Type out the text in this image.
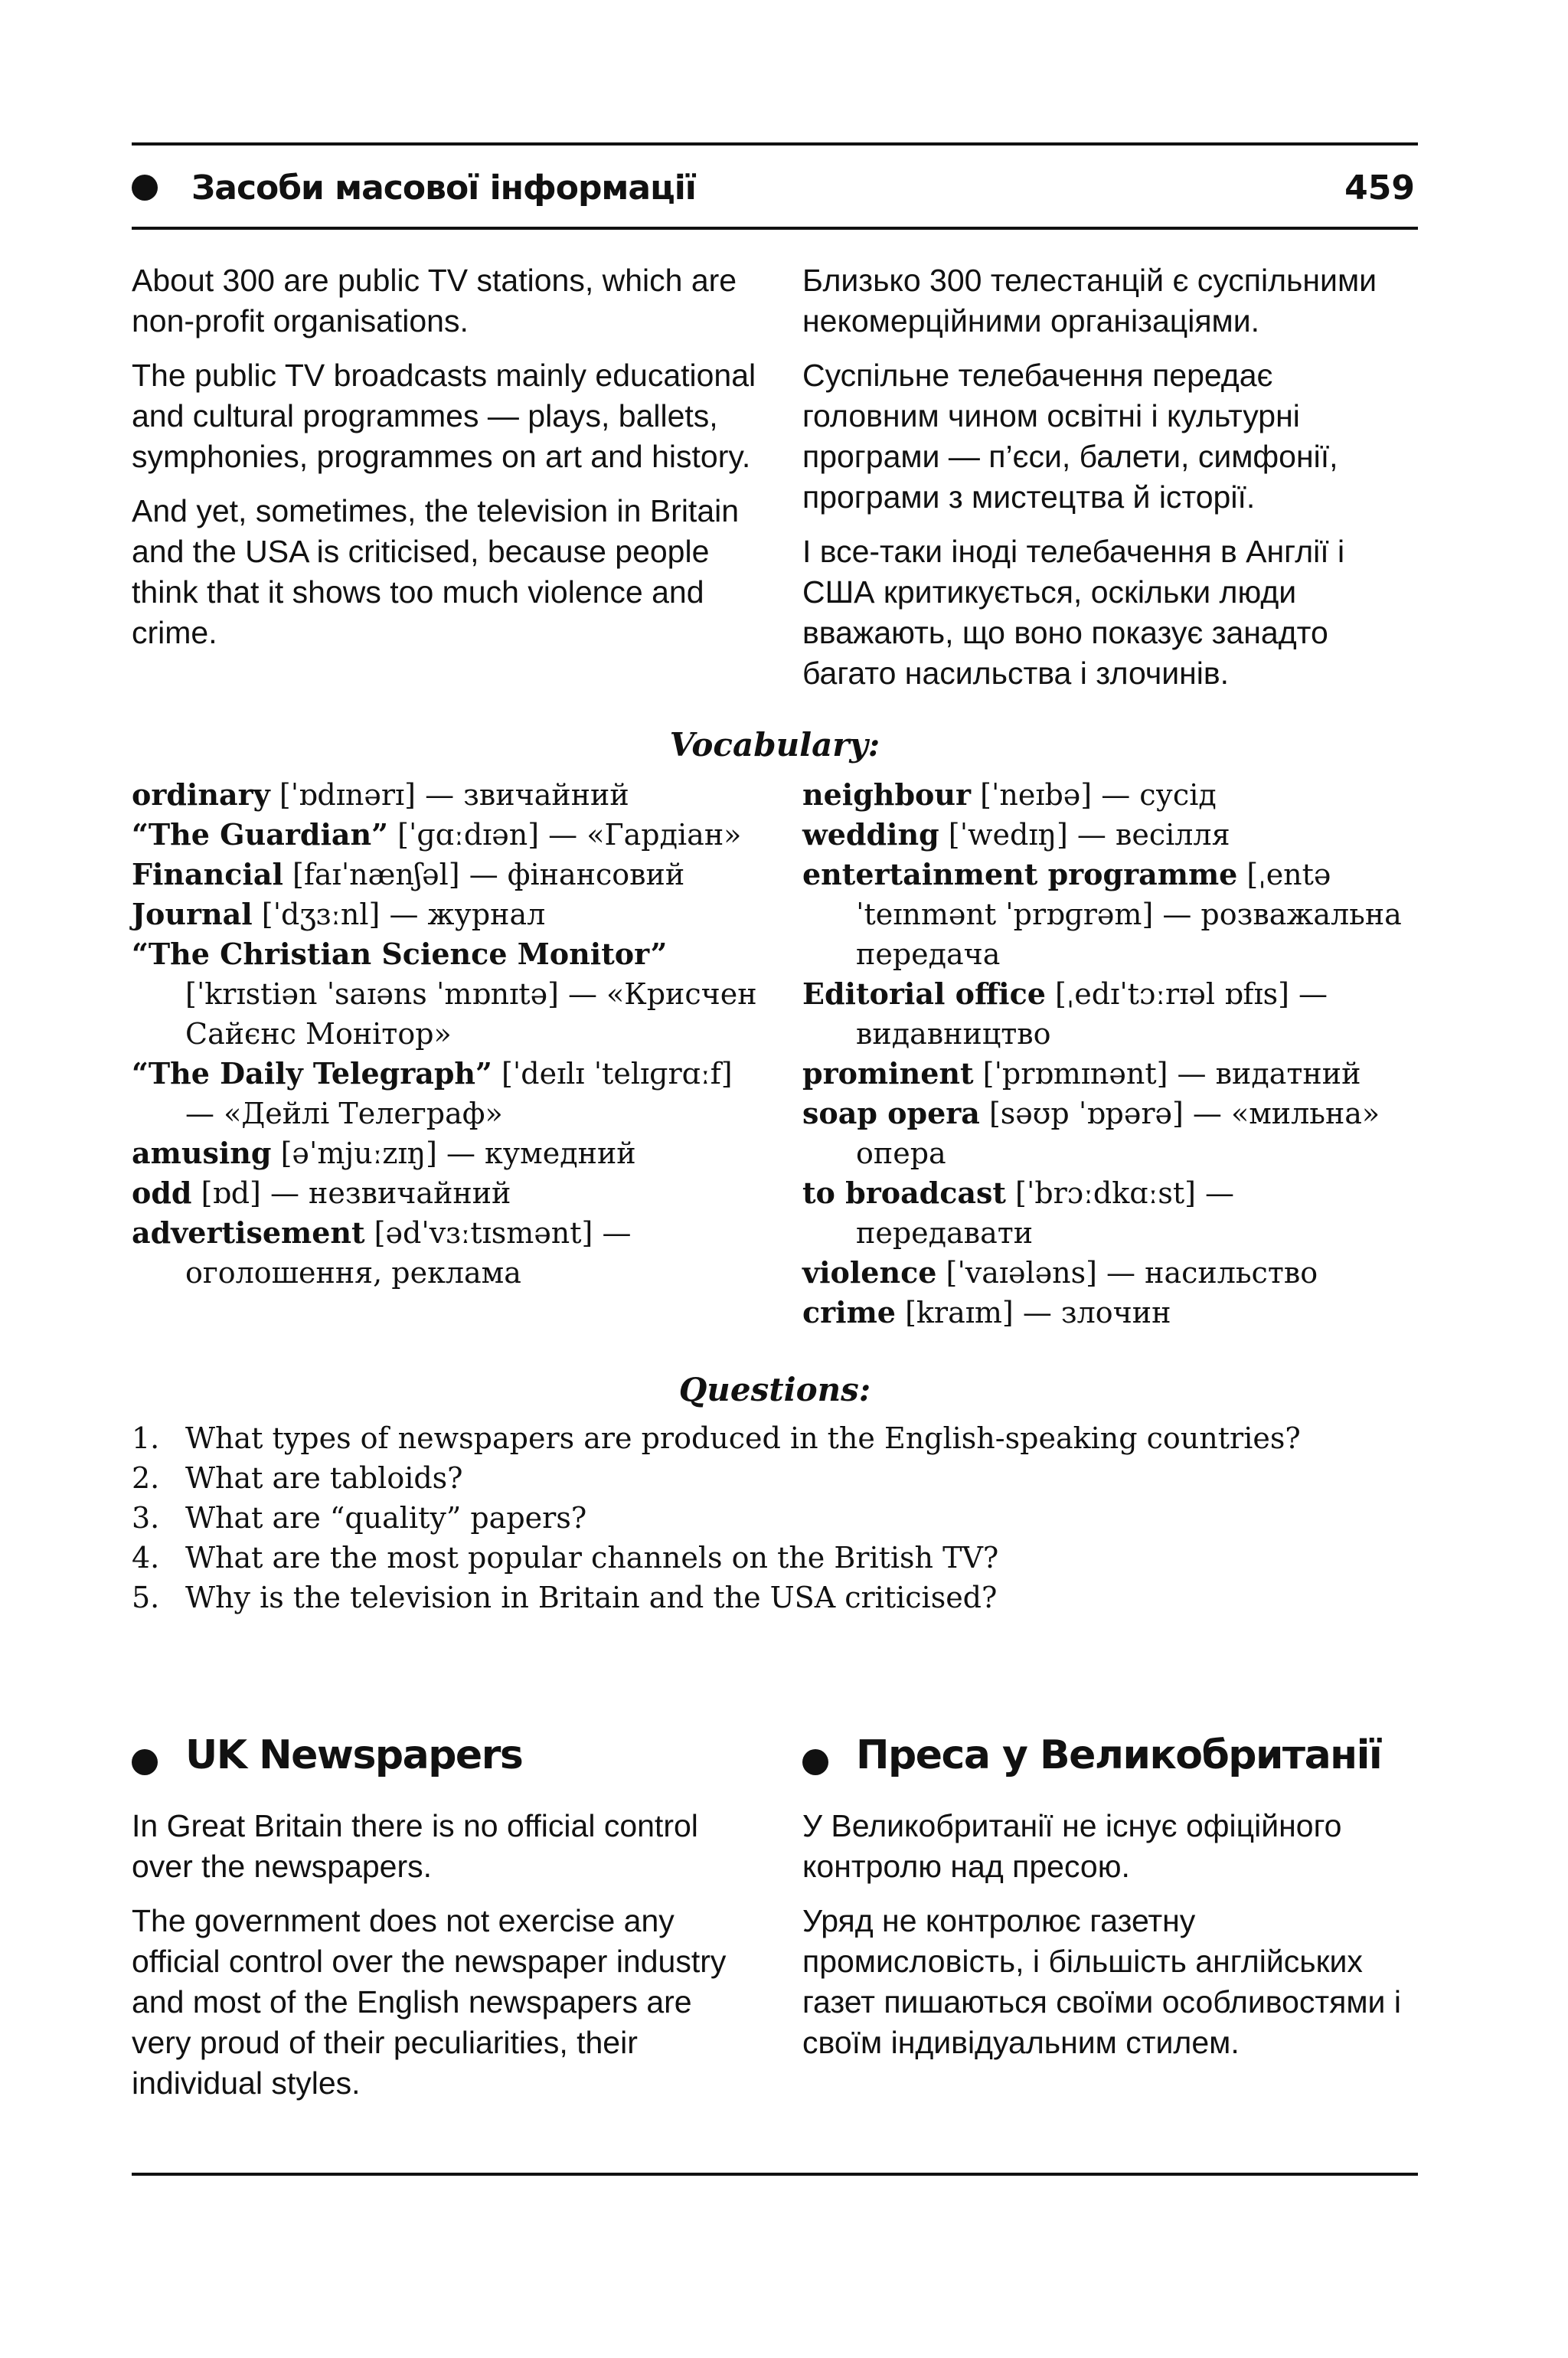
Засоби масової інформації	459

About 300 are public TV stations, which are non-profit organisations.

The public TV broadcasts mainly educational and cultural programmes — plays, ballets, symphonies, programmes on art and history.

And yet, sometimes, the television in Britain and the USA is criticised, because people think that it shows too much violence and crime.

Близько 300 телестанцій є суспільними некомерційними організаціями.

Суспільне телебачення передає головним чином освітні і культурні програми — п’єси, балети, симфонії, програми з мистецтва й історії.

І все-таки іноді телебачення в Англії і США критикується, оскільки люди вважають, що воно показує занадто багато насильства і злочинів.

Vocabulary:
ordinary [ˈɒdɪnərɪ] — звичайний
“The Guardian” [ˈɡɑːdɪən] — «Гардіан»
Financial [faɪˈnænʃəl] — фінансовий
Journal [ˈdʒɜːnl] — журнал
“The Christian Science Monitor” [ˈkrɪstiən ˈsaɪəns ˈmɒnɪtə] — «Крисчен Сайєнс Монітор»
“The Daily Telegraph” [ˈdeɪlɪ ˈtelɪɡrɑːf] — «Дейлі Телеграф»
amusing [əˈmjuːzɪŋ] — кумедний
odd [ɒd] — незвичайний
advertisement [ədˈvɜːtɪsmənt] — оголошення, реклама
neighbour [ˈneɪbə] — сусід
wedding [ˈwedɪŋ] — весілля
entertainment programme [ˌentəˈteɪnmənt ˈprɒɡrəm] — розважальна передача
Editorial office [ˌedɪˈtɔːrɪəl ɒfɪs] — видавництво
prominent [ˈprɒmɪnənt] — видатний
soap opera [səʊp ˈɒpərə] — «мильна» опера
to broadcast [ˈbrɔːdkɑːst] — передавати
violence [ˈvaɪələns] — насильство
crime [kraɪm] — злочин
Questions:
1. What types of newspapers are produced in the English-speaking countries?
2. What are tabloids?
3. What are “quality” papers?
4. What are the most popular channels on the British TV?
5. Why is the television in Britain and the USA criticised?
UK Newspapers

In Great Britain there is no official control over the newspapers.

The government does not exercise any official control over the newspaper industry and most of the English newspapers are very proud of their peculiarities, their individual styles.

Преса у Великобританії

У Великобританії не існує офіційного контролю над пресою.

Уряд не контролює газетну промисловість, і більшість англійських газет пишаються своїми особливостями і своїм індивідуальним стилем.
